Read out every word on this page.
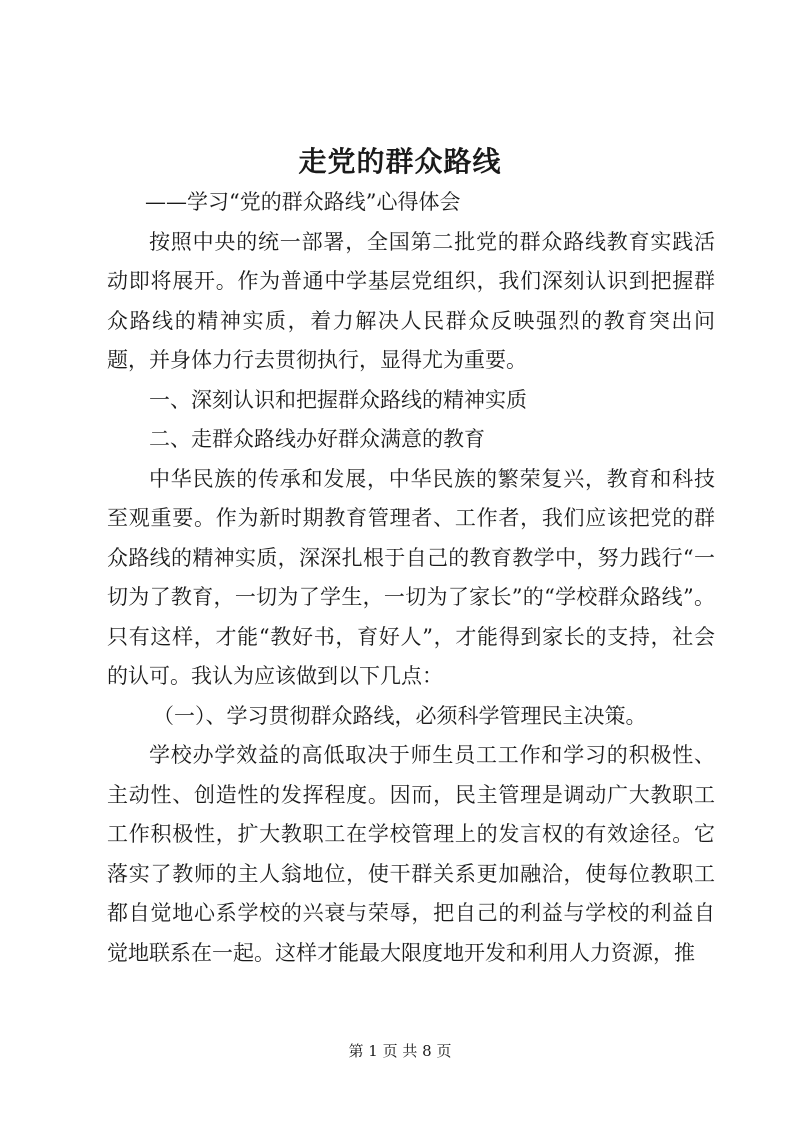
走党的群众路线

——学习“党的群众路线”心得体会

按照中央的统一部署，全国第二批党的群众路线教育实践活动即将展开。作为普通中学基层党组织，我们深刻认识到把握群众路线的精神实质，着力解决人民群众反映强烈的教育突出问题，并身体力行去贯彻执行，显得尤为重要。

一、深刻认识和把握群众路线的精神实质

二、走群众路线办好群众满意的教育

中华民族的传承和发展，中华民族的繁荣复兴，教育和科技至观重要。作为新时期教育管理者、工作者，我们应该把党的群众路线的精神实质，深深扎根于自己的教育教学中，努力践行“一切为了教育，一切为了学生，一切为了家长”的“学校群众路线”。只有这样，才能“教好书，育好人”，才能得到家长的支持，社会的认可。我认为应该做到以下几点：

（一）、学习贯彻群众路线，必须科学管理民主决策。

学校办学效益的高低取决于师生员工工作和学习的积极性、主动性、创造性的发挥程度。因而，民主管理是调动广大教职工工作积极性，扩大教职工在学校管理上的发言权的有效途径。它落实了教师的主人翁地位，使干群关系更加融洽，使每位教职工都自觉地心系学校的兴衰与荣辱，把自己的利益与学校的利益自觉地联系在一起。这样才能最大限度地开发和利用人力资源，推

第 1 页 共 8 页
